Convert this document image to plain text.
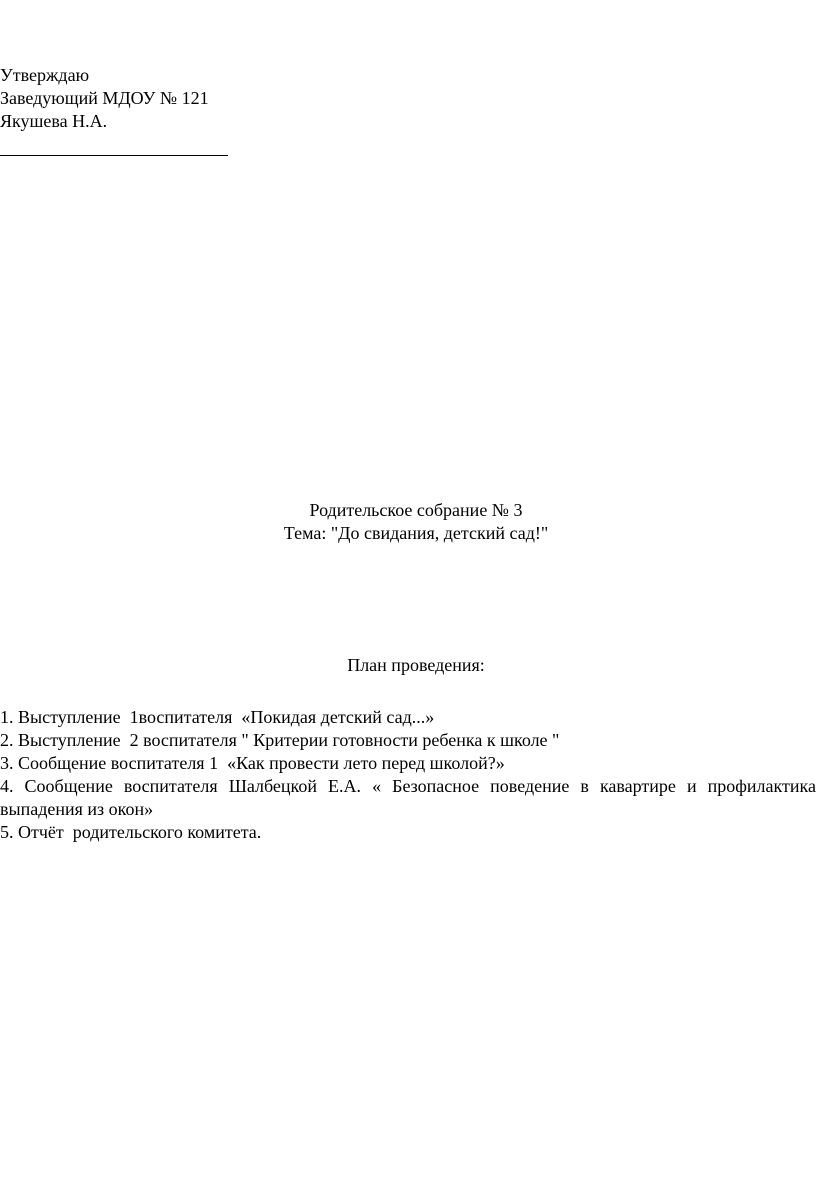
Утверждаю
Заведующий МДОУ № 121
Якушева Н.А.
Родительское собрание № 3
Тема: "До свидания, детский сад!"
План проведения:
1. Выступление  1воспитателя  «Покидая детский сад...»
2. Выступление  2 воспитателя " Критерии готовности ребенка к школе "
3. Сообщение воспитателя 1  «Как провести лето перед школой?»
4. Сообщение воспитателя Шалбецкой Е.А. « Безопасное поведение в кавартире и профилактика выпадения из окон»
5. Отчёт  родительского комитета.
